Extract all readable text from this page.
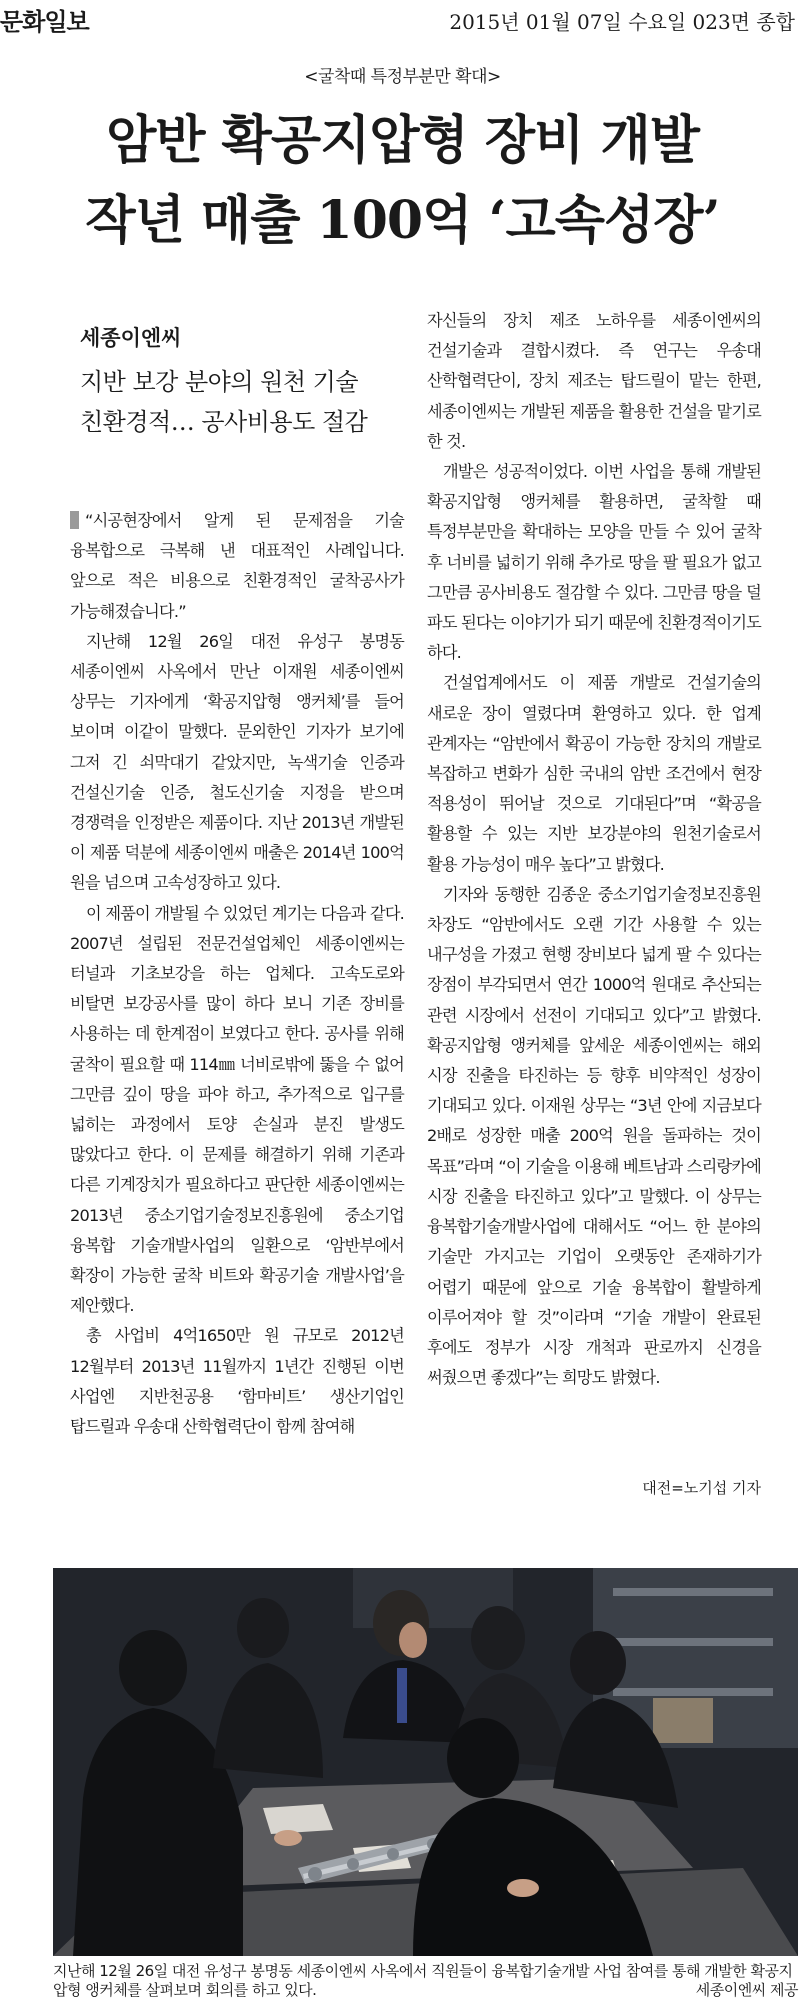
문화일보	2015년 01월 07일 수요일 023면 종합
<굴착때 특정부분만 확대>
암반 확공지압형 장비 개발
작년 매출 100억 ‘고속성장’
세종이엔씨
지반 보강 분야의 원천 기술
친환경적… 공사비용도 절감

“시공현장에서 알게 된 문제점을 기술 융복합으로 극복해 낸 대표적인 사례입니다. 앞으로 적은 비용으로 친환경적인 굴착공사가 가능해졌습니다.”

지난해 12월 26일 대전 유성구 봉명동 세종이엔씨 사옥에서 만난 이재원 세종이엔씨 상무는 기자에게 ‘확공지압형 앵커체’를 들어 보이며 이같이 말했다. 문외한인 기자가 보기에 그저 긴 쇠막대기 같았지만, 녹색기술 인증과 건설신기술 인증, 철도신기술 지정을 받으며 경쟁력을 인정받은 제품이다. 지난 2013년 개발된 이 제품 덕분에 세종이엔씨 매출은 2014년 100억 원을 넘으며 고속성장하고 있다.

이 제품이 개발될 수 있었던 계기는 다음과 같다. 2007년 설립된 전문건설업체인 세종이엔씨는 터널과 기초보강을 하는 업체다. 고속도로와 비탈면 보강공사를 많이 하다 보니 기존 장비를 사용하는 데 한계점이 보였다고 한다. 공사를 위해 굴착이 필요할 때 114㎜ 너비로밖에 뚫을 수 없어 그만큼 깊이 땅을 파야 하고, 추가적으로 입구를 넓히는 과정에서 토양 손실과 분진 발생도 많았다고 한다. 이 문제를 해결하기 위해 기존과 다른 기계장치가 필요하다고 판단한 세종이엔씨는 2013년 중소기업기술정보진흥원에 중소기업 융복합 기술개발사업의 일환으로 ‘암반부에서 확장이 가능한 굴착 비트와 확공기술 개발사업’을 제안했다.

총 사업비 4억1650만 원 규모로 2012년 12월부터 2013년 11월까지 1년간 진행된 이번 사업엔 지반천공용 ‘함마비트’ 생산기업인 탑드릴과 우송대 산학협력단이 함께 참여해

자신들의 장치 제조 노하우를 세종이엔씨의 건설기술과 결합시켰다. 즉 연구는 우송대 산학협력단이, 장치 제조는 탑드릴이 맡는 한편, 세종이엔씨는 개발된 제품을 활용한 건설을 맡기로 한 것.

개발은 성공적이었다. 이번 사업을 통해 개발된 확공지압형 앵커체를 활용하면, 굴착할 때 특정부분만을 확대하는 모양을 만들 수 있어 굴착 후 너비를 넓히기 위해 추가로 땅을 팔 필요가 없고 그만큼 공사비용도 절감할 수 있다. 그만큼 땅을 덜 파도 된다는 이야기가 되기 때문에 친환경적이기도 하다.

건설업계에서도 이 제품 개발로 건설기술의 새로운 장이 열렸다며 환영하고 있다. 한 업계 관계자는 “암반에서 확공이 가능한 장치의 개발로 복잡하고 변화가 심한 국내의 암반 조건에서 현장 적용성이 뛰어날 것으로 기대된다”며 “확공을 활용할 수 있는 지반 보강분야의 원천기술로서 활용 가능성이 매우 높다”고 밝혔다.

기자와 동행한 김종운 중소기업기술정보진흥원 차장도 “암반에서도 오랜 기간 사용할 수 있는 내구성을 가졌고 현행 장비보다 넓게 팔 수 있다는 장점이 부각되면서 연간 1000억 원대로 추산되는 관련 시장에서 선전이 기대되고 있다”고 밝혔다. 확공지압형 앵커체를 앞세운 세종이엔씨는 해외 시장 진출을 타진하는 등 향후 비약적인 성장이 기대되고 있다. 이재원 상무는 “3년 안에 지금보다 2배로 성장한 매출 200억 원을 돌파하는 것이 목표”라며 “이 기술을 이용해 베트남과 스리랑카에 시장 진출을 타진하고 있다”고 말했다. 이 상무는 융복합기술개발사업에 대해서도 “어느 한 분야의 기술만 가지고는 기업이 오랫동안 존재하기가 어렵기 때문에 앞으로 기술 융복합이 활발하게 이루어져야 할 것”이라며 “기술 개발이 완료된 후에도 정부가 시장 개척과 판로까지 신경을 써줬으면 좋겠다”는 희망도 밝혔다.

대전=노기섭 기자
지난해 12월 26일 대전 유성구 봉명동 세종이엔씨 사옥에서 직원들이 융복합기술개발 사업 참여를 통해 개발한 확공지압형 앵커체를 살펴보며 회의를 하고 있다.	세종이엔씨 제공
